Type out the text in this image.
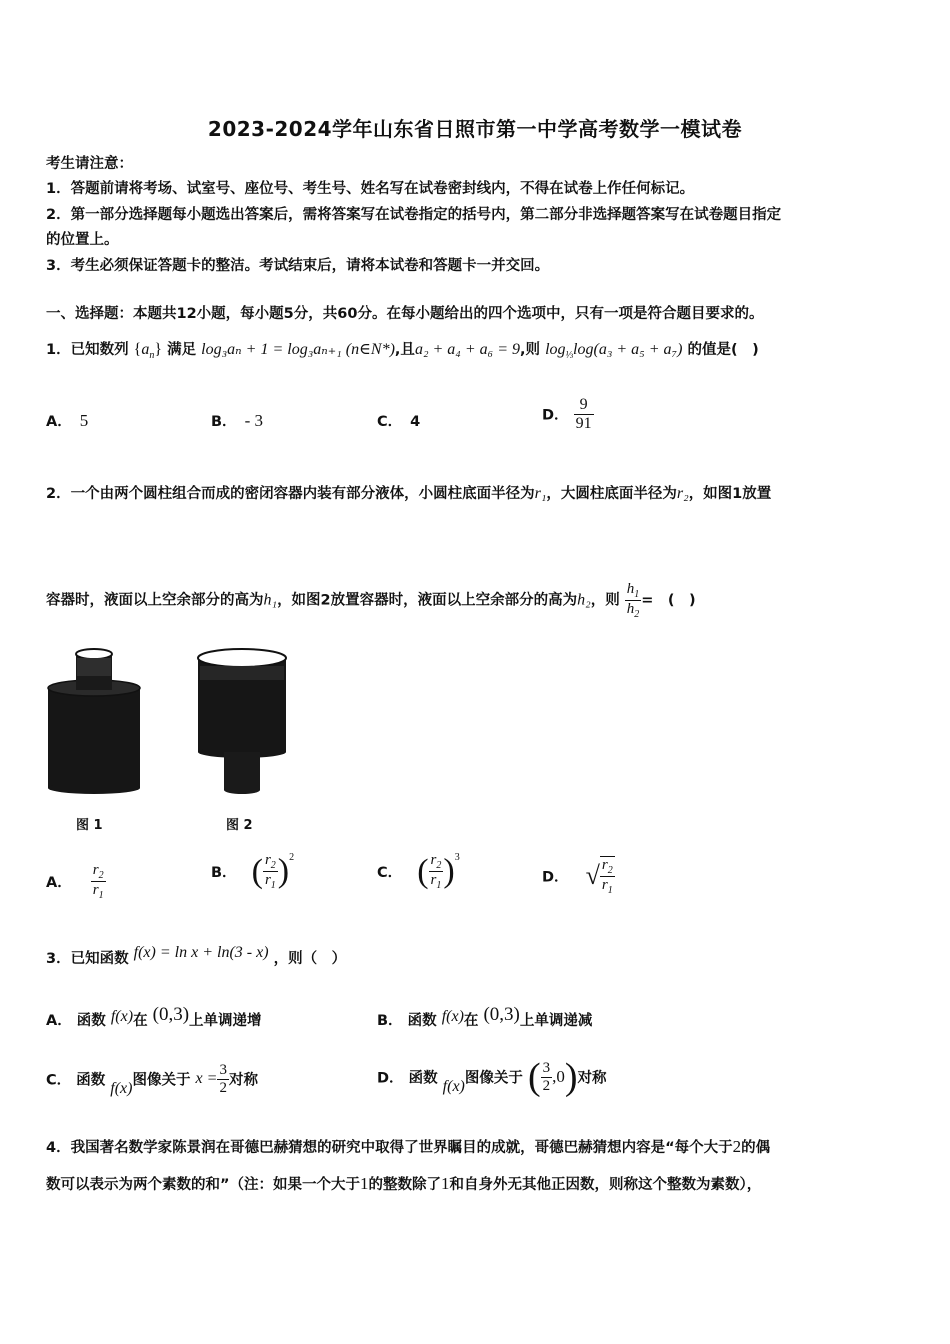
2023-2024学年山东省日照市第一中学高考数学一模试卷
考生请注意：
1．答题前请将考场、试室号、座位号、考生号、姓名写在试卷密封线内，不得在试卷上作任何标记。
2．第一部分选择题每小题选出答案后，需将答案写在试卷指定的括号内，第二部分非选择题答案写在试卷题目指定
的位置上。
3．考生必须保证答题卡的整洁。考试结束后，请将本试卷和答题卡一并交回。
一、选择题：本题共12小题，每小题5分，共60分。在每小题给出的四个选项中，只有一项是符合题目要求的。
1．已知数列 $\{a_n\}$ 满足 log₃aₙ + 1 = log₃aₙ₊₁ (n∈N*),且a₂ + a₄ + a₆ = 9,则 $\log_{\frac{1}{3}}\log(a_3 + a_5 + a_7)$ 的值是(　)
A． 5	B． - 3	C． 4	D． $\frac{9}{91}$
2．一个由两个圆柱组合而成的密闭容器内装有部分液体，小圆柱底面半径为r₁，大圆柱底面半径为r₂，如图1放置
容器时，液面以上空余部分的高为h₁，如图2放置容器时，液面以上空余部分的高为h₂，则 $\frac{h_1}{h_2}$ =　(　)
图 1	图 2
A． $\frac{r_2}{r_1}$	B． ( $\frac{r_2}{r_1} )^2$
C． ( $\frac{r_2}{r_1} )^3$
D． √ $\frac{r_2}{r_1}$
3．已知函数 f(x) = ln x + ln(3 - x) ，则（　）
A． 函数 f(x)在 (0,3)上单调递增	B． 函数 f(x)在 (0,3)上单调递减
C． 函数 f(x)图像关于 $x = \frac{3}{2}$ 对称	D． 函数 f(x)图像关于 ( $\frac{3}{2} ,0$)对称
4．我国著名数学家陈景润在哥德巴赫猜想的研究中取得了世界瞩目的成就，哥德巴赫猜想内容是“每个大于2的偶
数可以表示为两个素数的和”（注：如果一个大于1的整数除了1和自身外无其他正因数，则称这个整数为素数），
